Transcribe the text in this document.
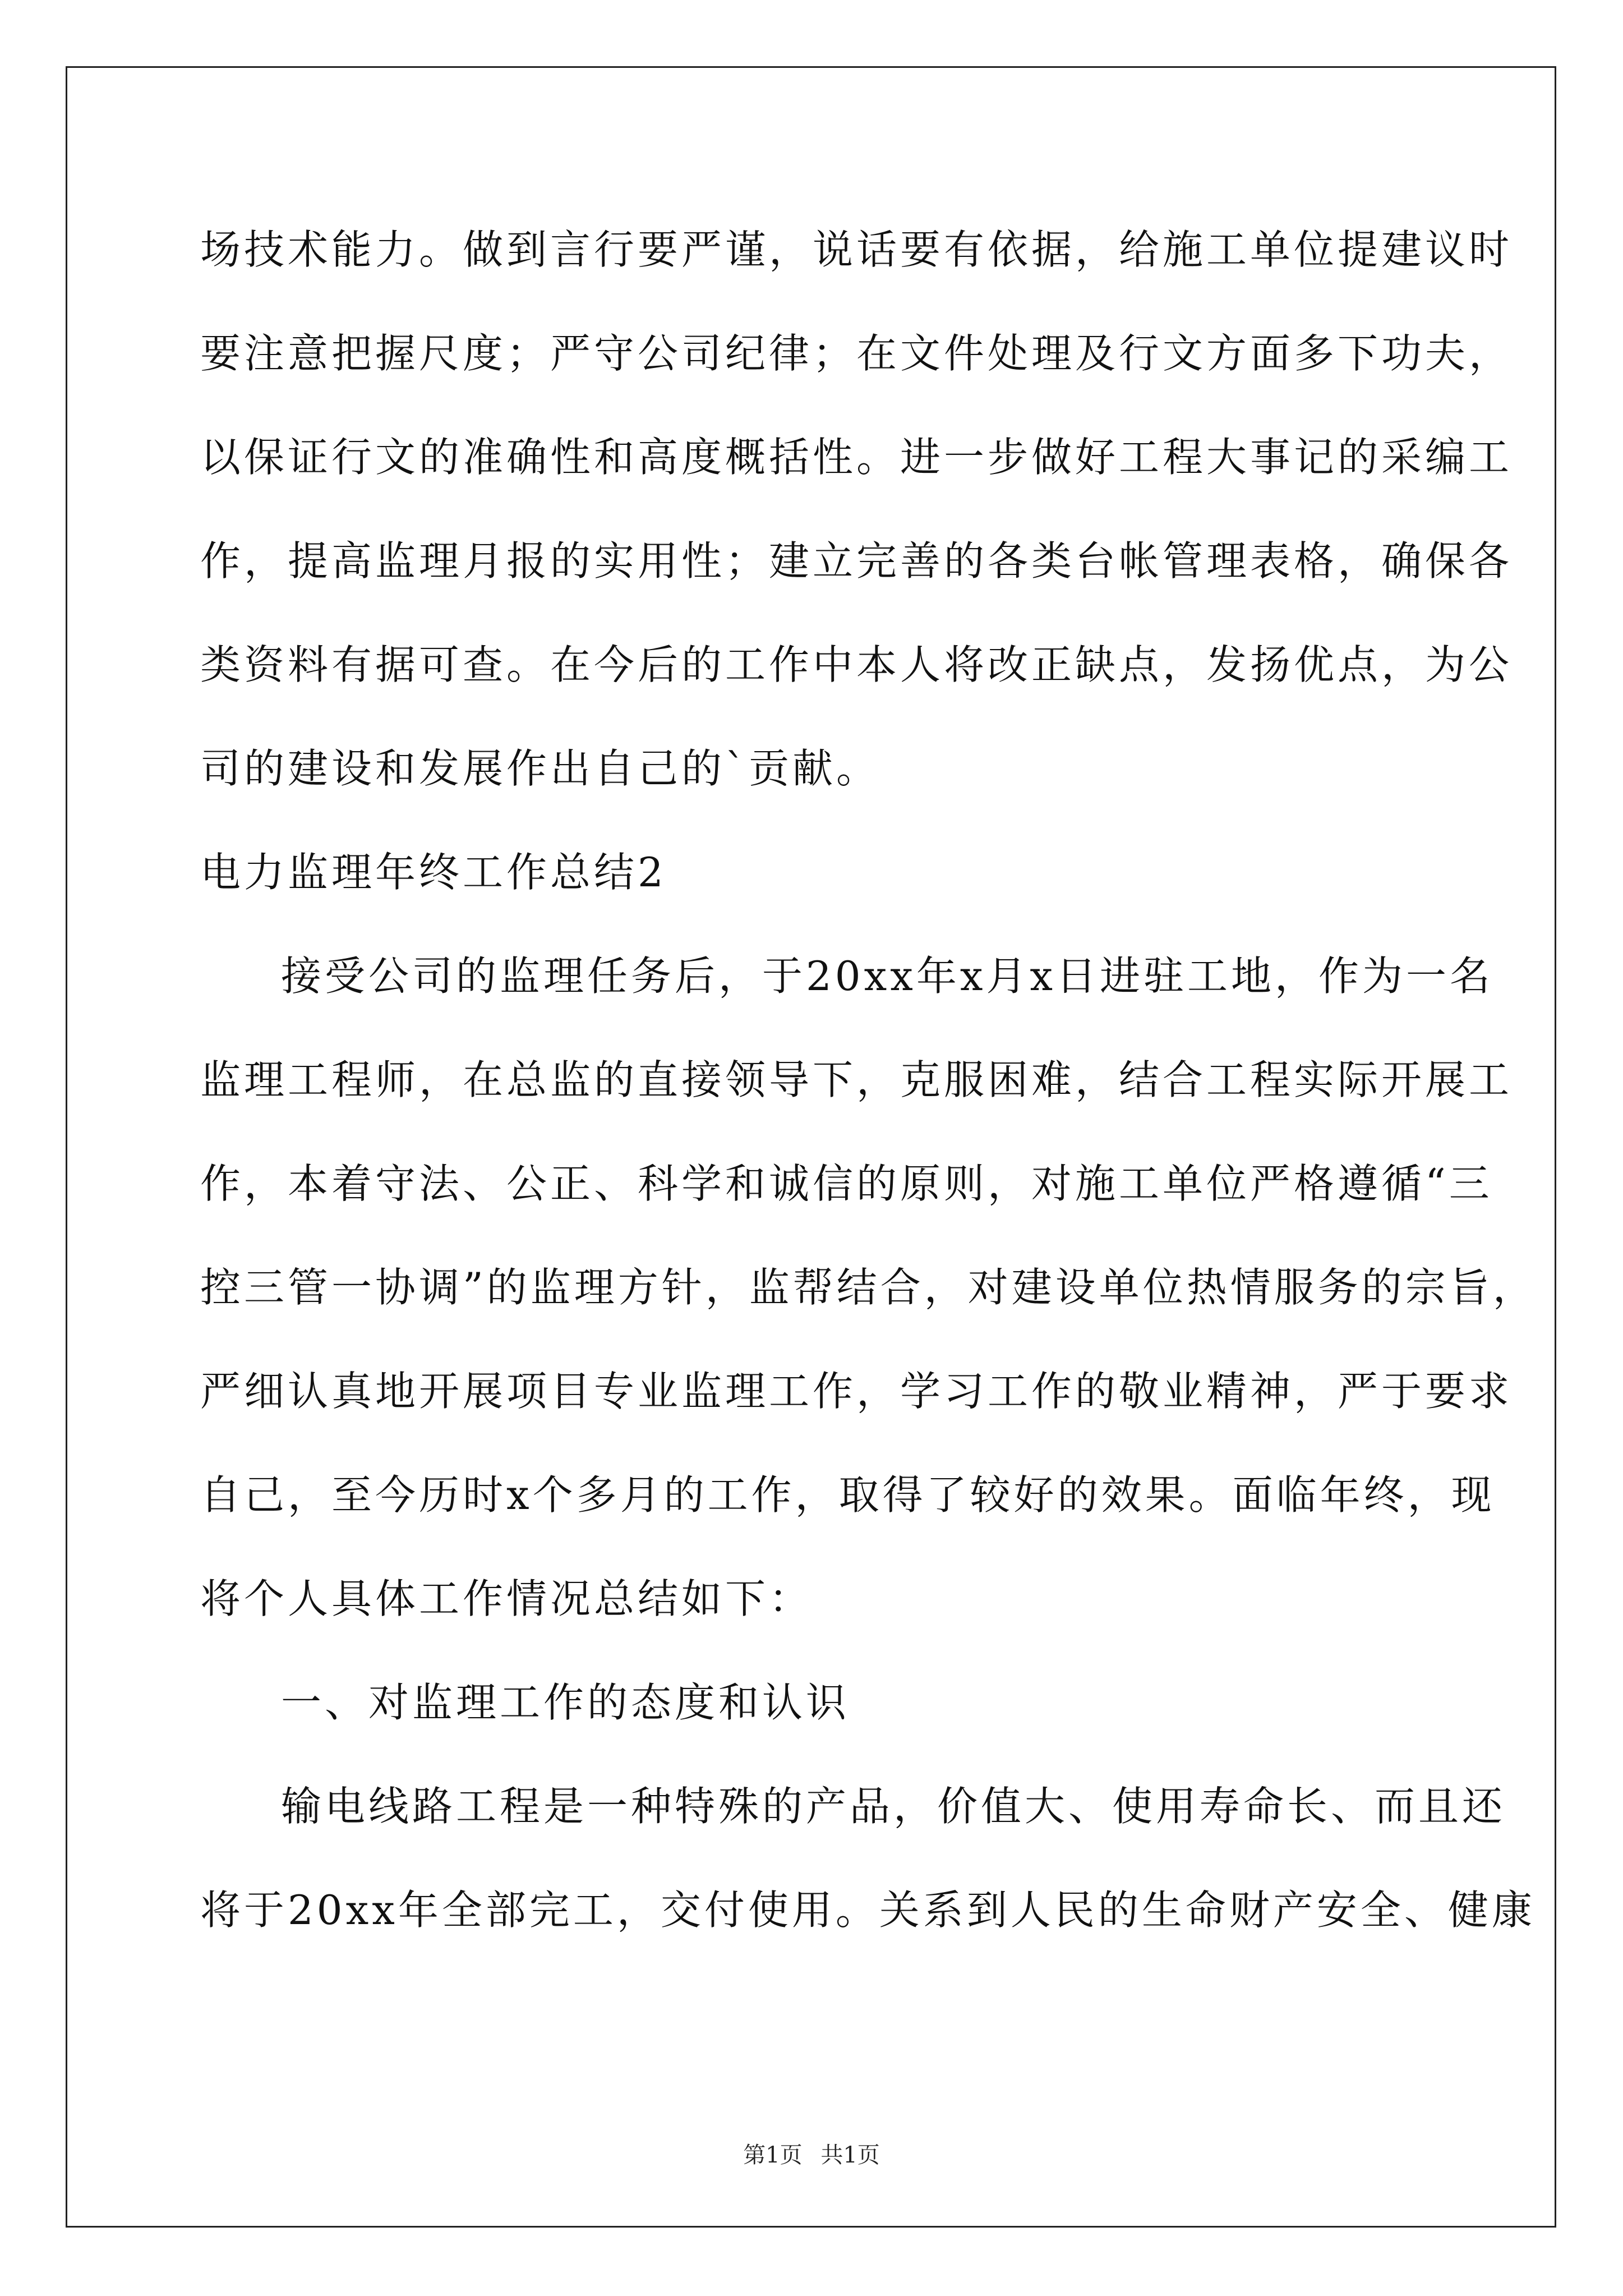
场技术能力。做到言行要严谨，说话要有依据，给施工单位提建议时
要注意把握尺度；严守公司纪律；在文件处理及行文方面多下功夫，
以保证行文的准确性和高度概括性。进一步做好工程大事记的采编工
作，提高监理月报的实用性；建立完善的各类台帐管理表格，确保各
类资料有据可查。在今后的工作中本人将改正缺点，发扬优点，为公
司的建设和发展作出自己的`贡献。
电力监理年终工作总结2
接受公司的监理任务后，于20xx年x月x日进驻工地，作为一名
监理工程师，在总监的直接领导下，克服困难，结合工程实际开展工
作，本着守法、公正、科学和诚信的原则，对施工单位严格遵循“三
控三管一协调”的监理方针，监帮结合，对建设单位热情服务的宗旨，
严细认真地开展项目专业监理工作，学习工作的敬业精神，严于要求
自己，至今历时x个多月的工作，取得了较好的效果。面临年终，现
将个人具体工作情况总结如下：
一、对监理工作的态度和认识
输电线路工程是一种特殊的产品，价值大、使用寿命长、而且还
将于20xx年全部完工，交付使用。关系到人民的生命财产安全、健康
第1页 共1页
